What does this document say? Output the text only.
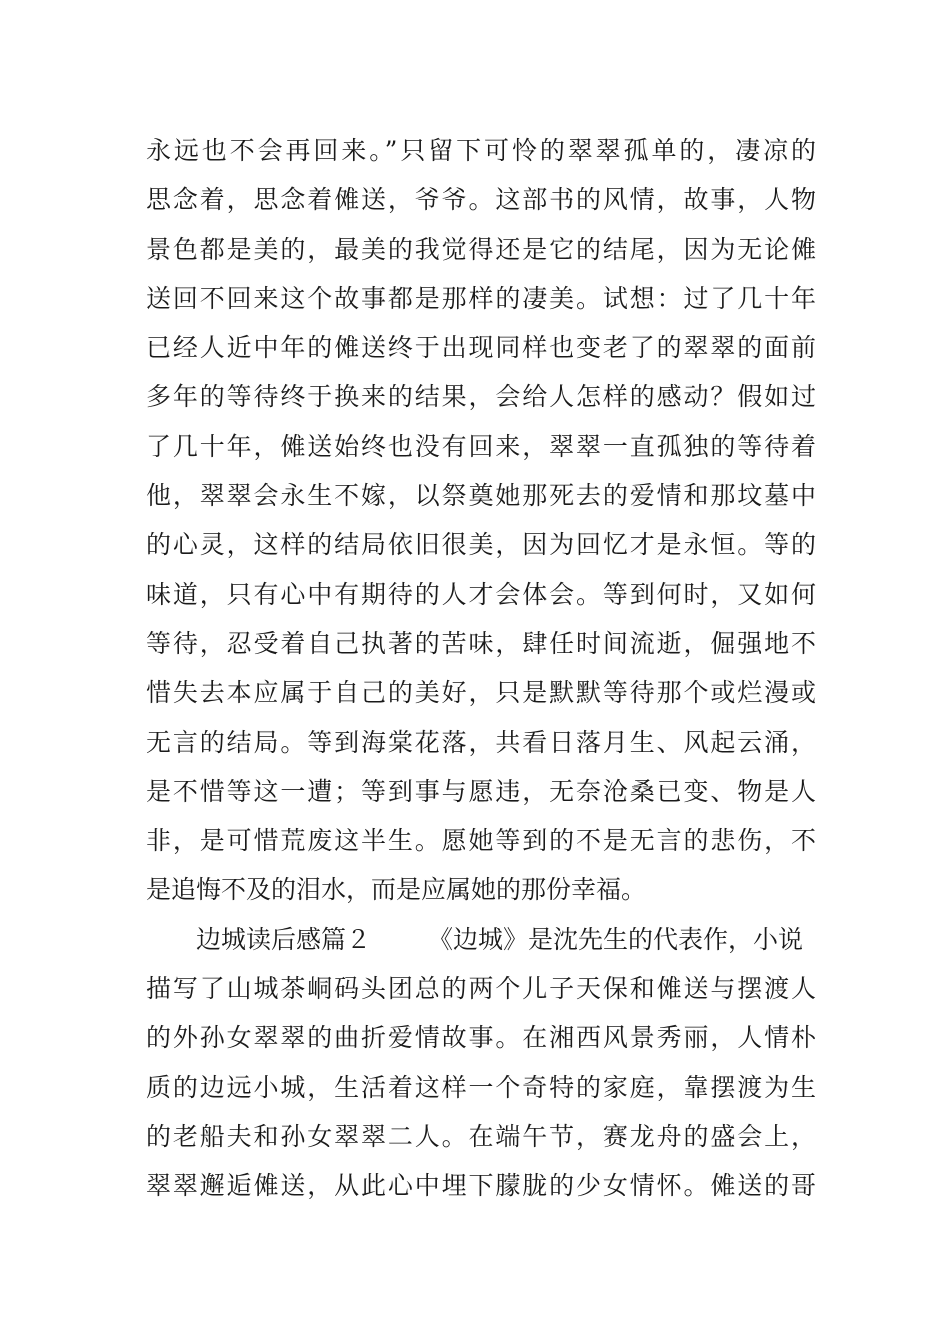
永远也不会再回来。”只留下可怜的翠翠孤单的，凄凉的
思念着，思念着傩送，爷爷。这部书的风情，故事，人物
景色都是美的，最美的我觉得还是它的结尾，因为无论傩
送回不回来这个故事都是那样的凄美。试想：过了几十年
已经人近中年的傩送终于出现同样也变老了的翠翠的面前
多年的等待终于换来的结果，会给人怎样的感动？假如过
了几十年，傩送始终也没有回来，翠翠一直孤独的等待着
他，翠翠会永生不嫁，以祭奠她那死去的爱情和那坟墓中
的心灵，这样的结局依旧很美，因为回忆才是永恒。等的
味道，只有心中有期待的人才会体会。等到何时，又如何
等待，忍受着自己执著的苦味，肆任时间流逝，倔强地不
惜失去本应属于自己的美好，只是默默等待那个或烂漫或
无言的结局。等到海棠花落，共看日落月生、风起云涌，
是不惜等这一遭；等到事与愿违，无奈沧桑已变、物是人
非，是可惜荒废这半生。愿她等到的不是无言的悲伤，不
是追悔不及的泪水，而是应属她的那份幸福。
边城读后感篇２ 《边城》是沈先生的代表作，小说
描写了山城茶峒码头团总的两个儿子天保和傩送与摆渡人
的外孙女翠翠的曲折爱情故事。在湘西风景秀丽，人情朴
质的边远小城，生活着这样一个奇特的家庭，靠摆渡为生
的老船夫和孙女翠翠二人。在端午节，赛龙舟的盛会上，
翠翠邂逅傩送，从此心中埋下朦胧的少女情怀。傩送的哥
